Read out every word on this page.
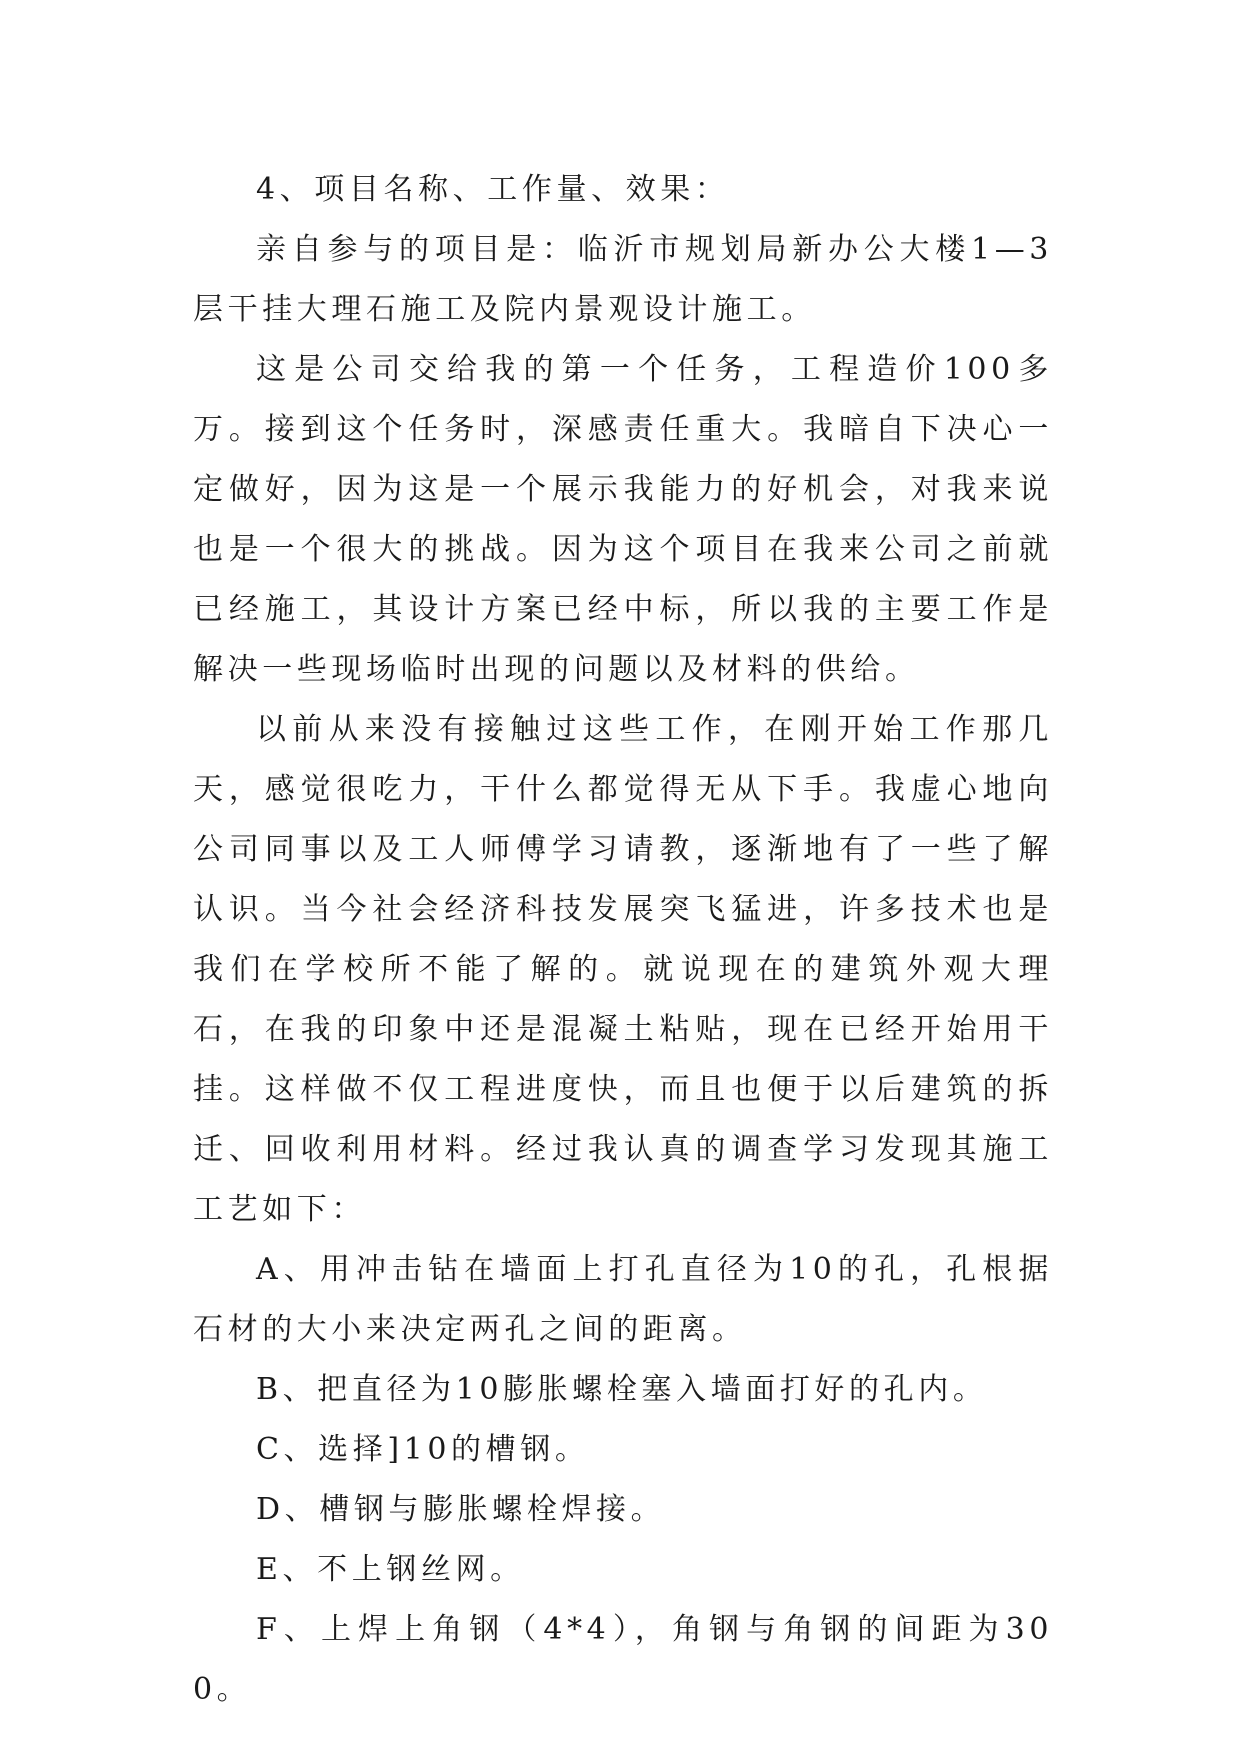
4、项目名称、工作量、效果：

亲自参与的项目是：临沂市规划局新办公大楼1—3层干挂大理石施工及院内景观设计施工。

这是公司交给我的第一个任务，工程造价100多万。接到这个任务时，深感责任重大。我暗自下决心一定做好，因为这是一个展示我能力的好机会，对我来说也是一个很大的挑战。因为这个项目在我来公司之前就已经施工，其设计方案已经中标，所以我的主要工作是解决一些现场临时出现的问题以及材料的供给。

以前从来没有接触过这些工作，在刚开始工作那几天，感觉很吃力，干什么都觉得无从下手。我虚心地向公司同事以及工人师傅学习请教，逐渐地有了一些了解认识。当今社会经济科技发展突飞猛进，许多技术也是我们在学校所不能了解的。就说现在的建筑外观大理石，在我的印象中还是混凝土粘贴，现在已经开始用干挂。这样做不仅工程进度快，而且也便于以后建筑的拆迁、回收利用材料。经过我认真的调查学习发现其施工工艺如下：

A、用冲击钻在墙面上打孔直径为10的孔，孔根据石材的大小来决定两孔之间的距离。

B、把直径为10膨胀螺栓塞入墙面打好的孔内。

C、选择]10的槽钢。

D、槽钢与膨胀螺栓焊接。

E、不上钢丝网。

F、上焊上角钢（4*4），角钢与角钢的间距为300。
